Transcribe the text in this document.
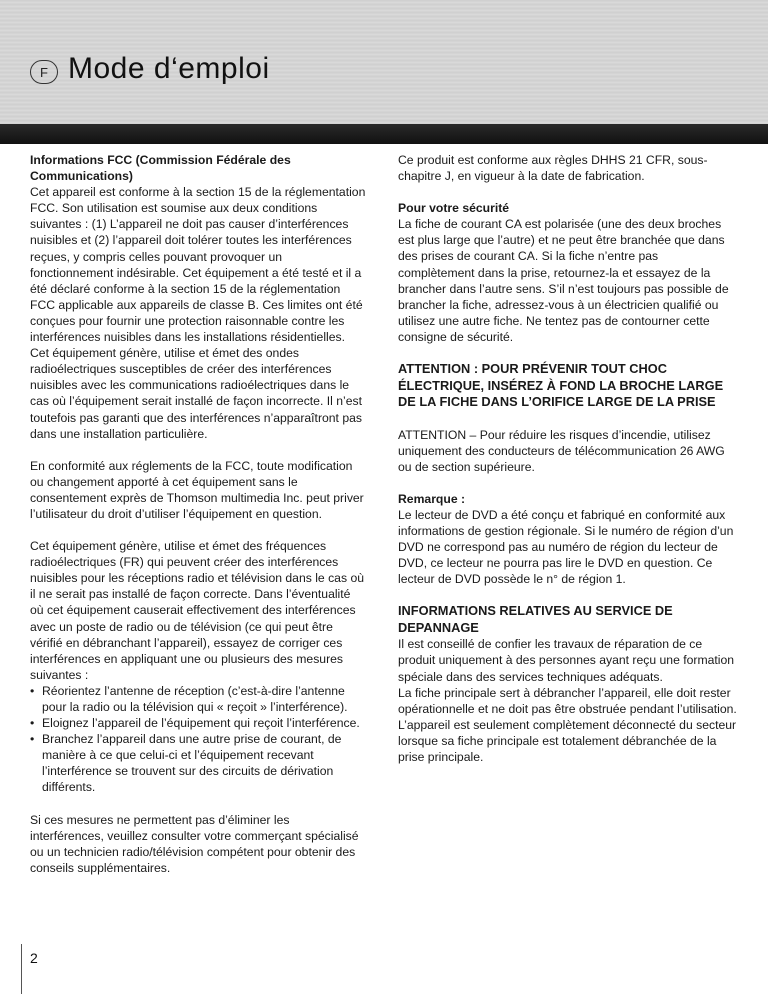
F Mode d‘emploi
Informations FCC (Commission Fédérale des Communications)
Cet appareil est conforme à la section 15 de la réglementation FCC. Son utilisation est soumise aux deux conditions suivantes : (1) L’appareil ne doit pas causer d’interférences nuisibles et (2) l’appareil doit tolérer toutes les interférences reçues, y compris celles pouvant provoquer un fonctionnement indésirable. Cet équipement a été testé et il a été déclaré conforme à la section 15 de la réglementation FCC applicable aux appareils de classe B. Ces limites ont été conçues pour fournir une protection raisonnable contre les interférences nuisibles dans les installations résidentielles. Cet équipement génère, utilise et émet des ondes radioélectriques susceptibles de créer des interférences nuisibles avec les communications radioélectriques dans le cas où l’équipement serait installé de façon incorrecte. Il n’est toutefois pas garanti que des interférences n’apparaîtront pas dans une installation particulière.
En conformité aux réglements de la FCC, toute modification ou changement apporté à cet équipement sans le consentement exprès de Thomson multimedia Inc. peut priver l’utilisateur du droit d’utiliser l’équipement en question.
Cet équipement génère, utilise et émet des fréquences radioélectriques (FR) qui peuvent créer des interférences nuisibles pour les réceptions radio et télévision dans le cas où il ne serait pas installé de façon correcte. Dans l’éventualité où cet équipement causerait effectivement des interférences avec un poste de radio ou de télévision (ce qui peut être vérifié en débranchant l’appareil), essayez de corriger ces interférences en appliquant une ou plusieurs des mesures suivantes :
• Réorientez l’antenne de réception (c’est-à-dire l’antenne pour la radio ou la télévision qui « reçoit » l’interférence).
• Eloignez l’appareil de l’équipement qui reçoit l’interférence.
• Branchez l’appareil dans une autre prise de courant, de manière à ce que celui-ci et l’équipement recevant l’interférence se trouvent sur des circuits de dérivation différents.
Si ces mesures ne permettent pas d’éliminer les interférences, veuillez consulter votre commerçant spécialisé ou un technicien radio/télévision compétent pour obtenir des conseils supplémentaires.
Ce produit est conforme aux règles DHHS 21 CFR, sous-chapitre J, en vigueur à la date de fabrication.
Pour votre sécurité
La fiche de courant CA est polarisée (une des deux broches est plus large que l’autre) et ne peut être branchée que dans des prises de courant CA. Si la fiche n’entre pas complètement dans la prise, retournez-la et essayez de la brancher dans l’autre sens. S’il n’est toujours pas possible de brancher la fiche, adressez-vous à un électricien qualifié ou utilisez une autre fiche. Ne tentez pas de contourner cette consigne de sécurité.
ATTENTION : POUR PRÉVENIR TOUT CHOC ÉLECTRIQUE, INSÉREZ À FOND LA BROCHE LARGE DE LA FICHE DANS L’ORIFICE LARGE DE LA PRISE
ATTENTION – Pour réduire les risques d’incendie, utilisez uniquement des conducteurs de télécommunication 26 AWG ou de section supérieure.
Remarque :
Le lecteur de DVD a été conçu et fabriqué en conformité aux informations de gestion régionale. Si le numéro de région d’un DVD ne correspond pas au numéro de région du lecteur de DVD, ce lecteur ne pourra pas lire le DVD en question. Ce lecteur de DVD possède le n° de région 1.
INFORMATIONS RELATIVES AU SERVICE DE DEPANNAGE
Il est conseillé de confier les travaux de réparation de ce produit uniquement à des personnes ayant reçu une formation spéciale dans des services techniques adéquats.
La fiche principale sert à débrancher l’appareil, elle doit rester opérationnelle et ne doit pas être obstruée pendant l’utilisation. L’appareil est seulement complètement déconnecté du secteur lorsque sa fiche principale est totalement débranchée de la prise principale.
2
